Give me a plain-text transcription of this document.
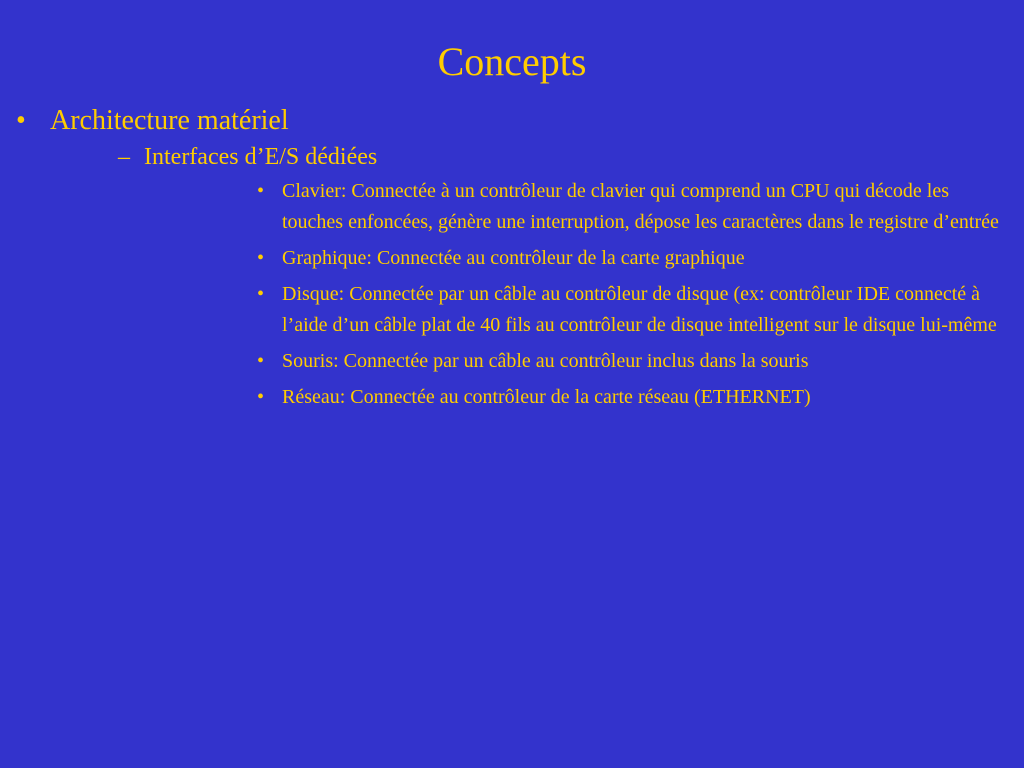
Concepts
• Architecture matériel
– Interfaces d’E/S dédiées
• Clavier: Connectée à un contrôleur de clavier qui comprend un CPU qui décode les touches enfoncées, génère une interruption, dépose les caractères dans le registre d’entrée
• Graphique: Connectée au contrôleur de la carte graphique
• Disque: Connectée par un câble au contrôleur de disque (ex: contrôleur IDE connecté à l’aide d’un câble plat de 40 fils au contrôleur de disque intelligent sur le disque lui-même
• Souris: Connectée par un câble au contrôleur inclus dans la souris
• Réseau: Connectée au contrôleur de la carte réseau (ETHERNET)
